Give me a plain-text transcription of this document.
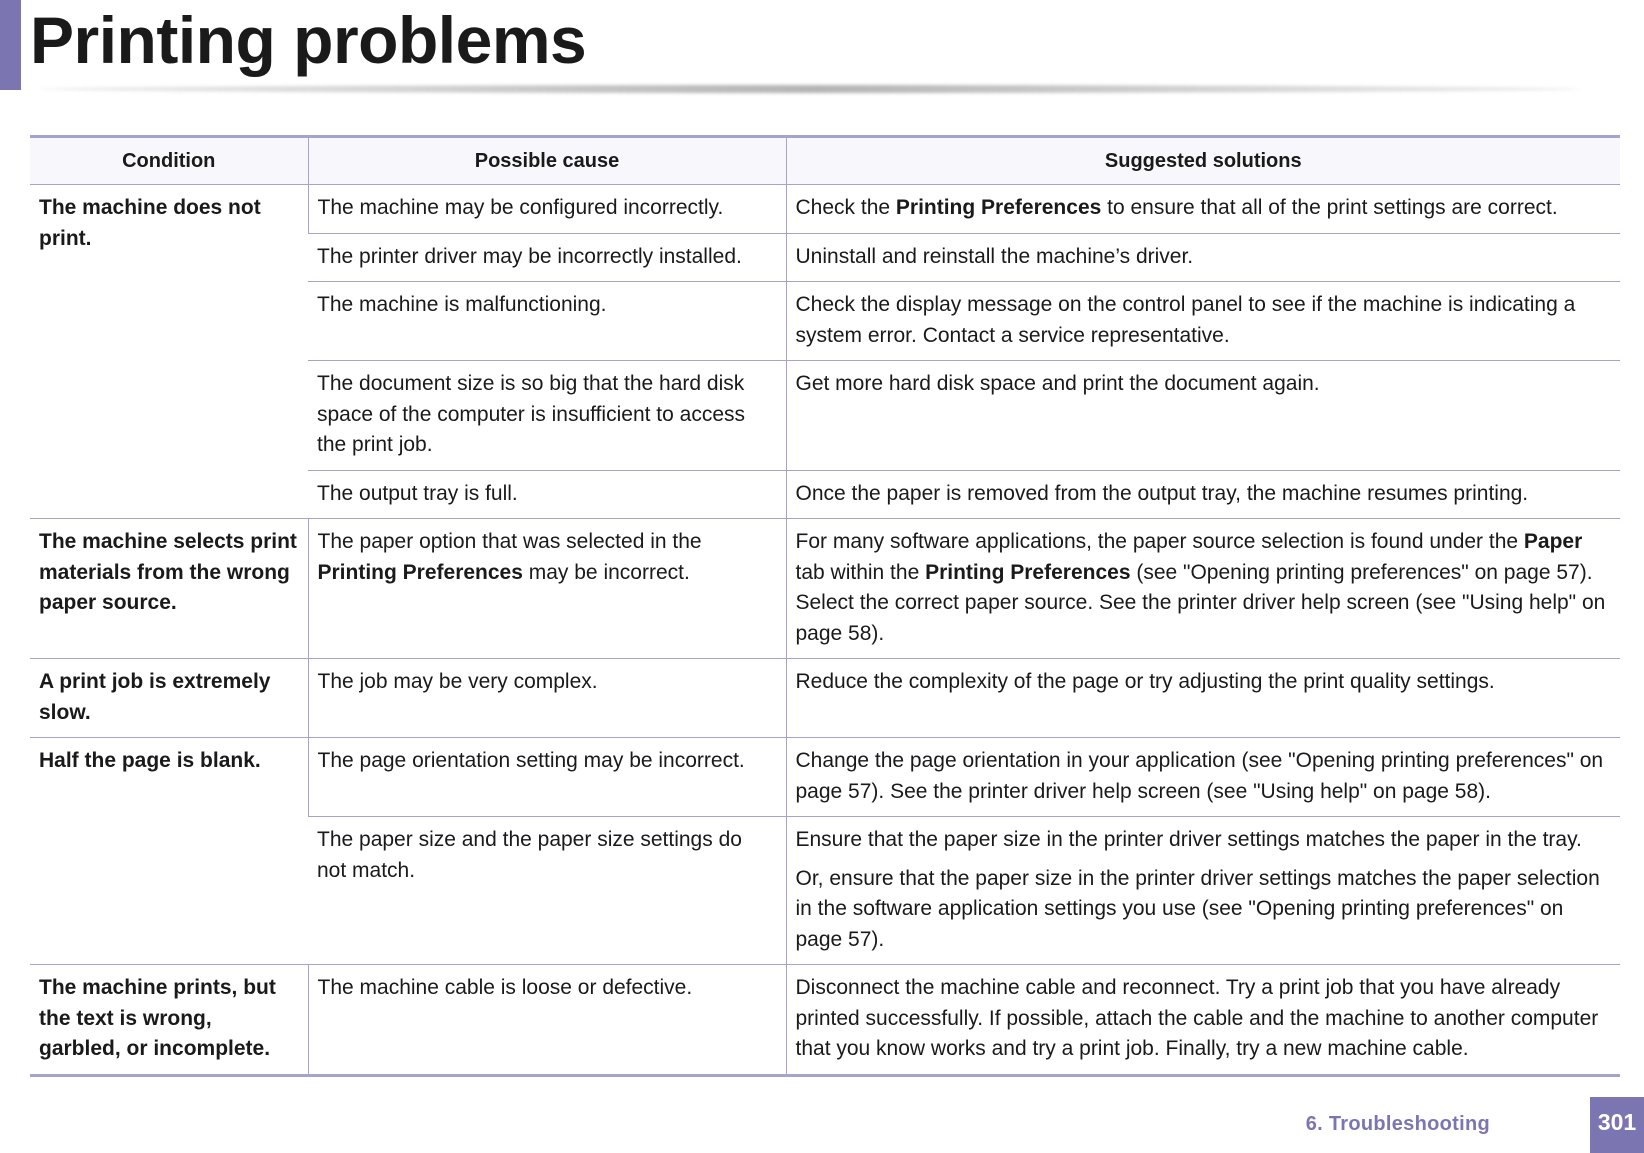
Printing problems
Condition	Possible cause	Suggested solutions
The machine does not print.	The machine may be configured incorrectly.	Check the Printing Preferences to ensure that all of the print settings are correct.
	The printer driver may be incorrectly installed.	Uninstall and reinstall the machine’s driver.
	The machine is malfunctioning.	Check the display message on the control panel to see if the machine is indicating a system error. Contact a service representative.
	The document size is so big that the hard disk space of the computer is insufficient to access the print job.	Get more hard disk space and print the document again.
	The output tray is full.	Once the paper is removed from the output tray, the machine resumes printing.
The machine selects print materials from the wrong paper source.	The paper option that was selected in the Printing Preferences may be incorrect.	For many software applications, the paper source selection is found under the Paper tab within the Printing Preferences (see "Opening printing preferences" on page 57). Select the correct paper source. See the printer driver help screen (see "Using help" on page 58).
A print job is extremely slow.	The job may be very complex.	Reduce the complexity of the page or try adjusting the print quality settings.
Half the page is blank.	The page orientation setting may be incorrect.	Change the page orientation in your application (see "Opening printing preferences" on page 57). See the printer driver help screen (see "Using help" on page 58).
	The paper size and the paper size settings do not match.	Ensure that the paper size in the printer driver settings matches the paper in the tray.

Or, ensure that the paper size in the printer driver settings matches the paper selection in the software application settings you use (see "Opening printing preferences" on page 57).

The machine prints, but the text is wrong, garbled, or incomplete.	The machine cable is loose or defective.	Disconnect the machine cable and reconnect. Try a print job that you have already printed successfully. If possible, attach the cable and the machine to another computer that you know works and try a print job. Finally, try a new machine cable.
6. Troubleshooting	301
